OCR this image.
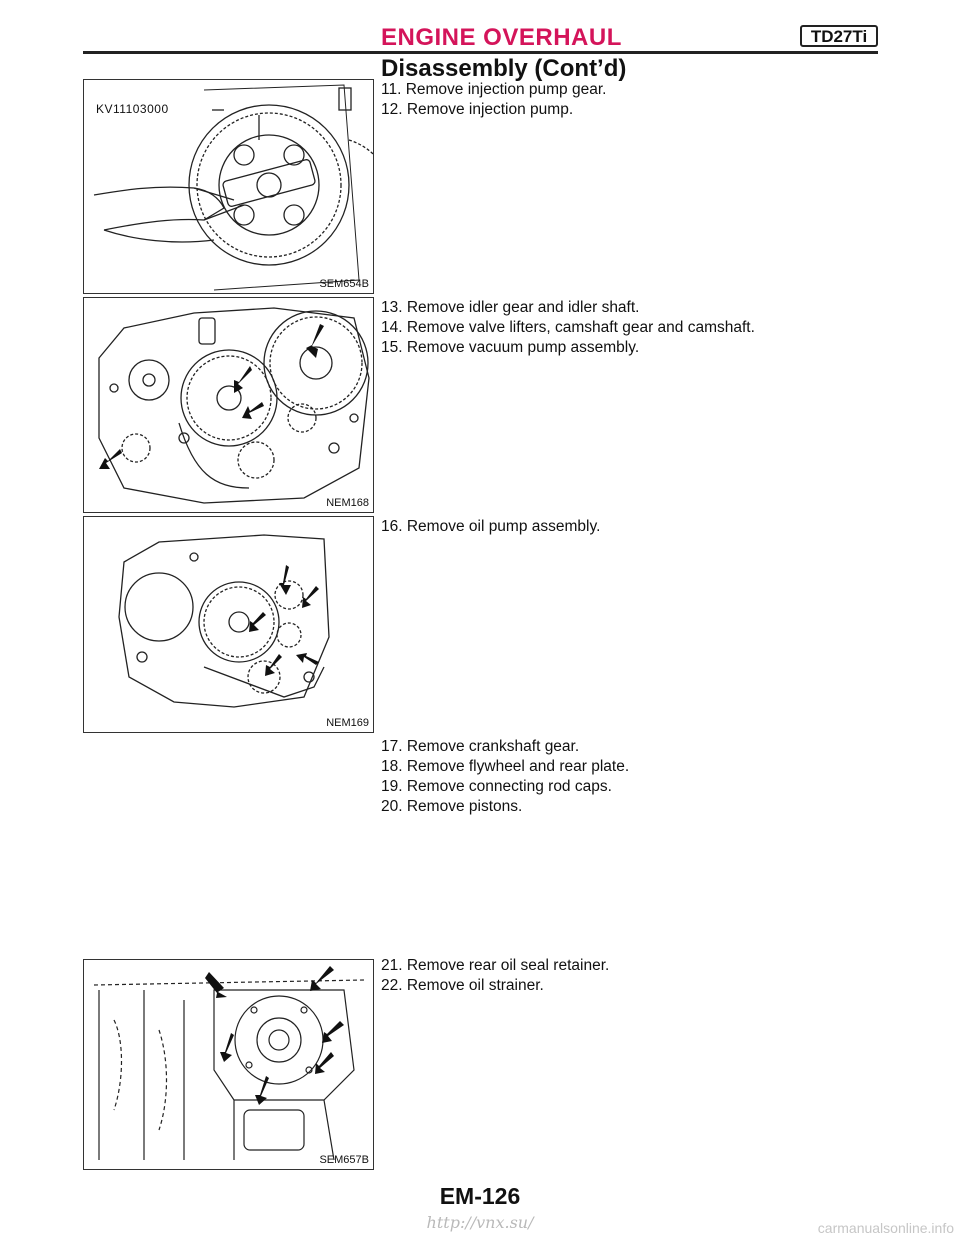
ENGINE OVERHAUL	TD27Ti
Disassembly (Cont’d)
KV11103000
SEM654B
NEM168
NEM169
SEM657B
11. Remove injection pump gear.
12. Remove injection pump.
13. Remove idler gear and idler shaft.
14. Remove valve lifters, camshaft gear and camshaft.
15. Remove vacuum pump assembly.
16. Remove oil pump assembly.
17. Remove crankshaft gear.
18. Remove flywheel and rear plate.
19. Remove connecting rod caps.
20. Remove pistons.
21. Remove rear oil seal retainer.
22. Remove oil strainer.
EM-126
http://vnx.su/	carmanualsonline.info
